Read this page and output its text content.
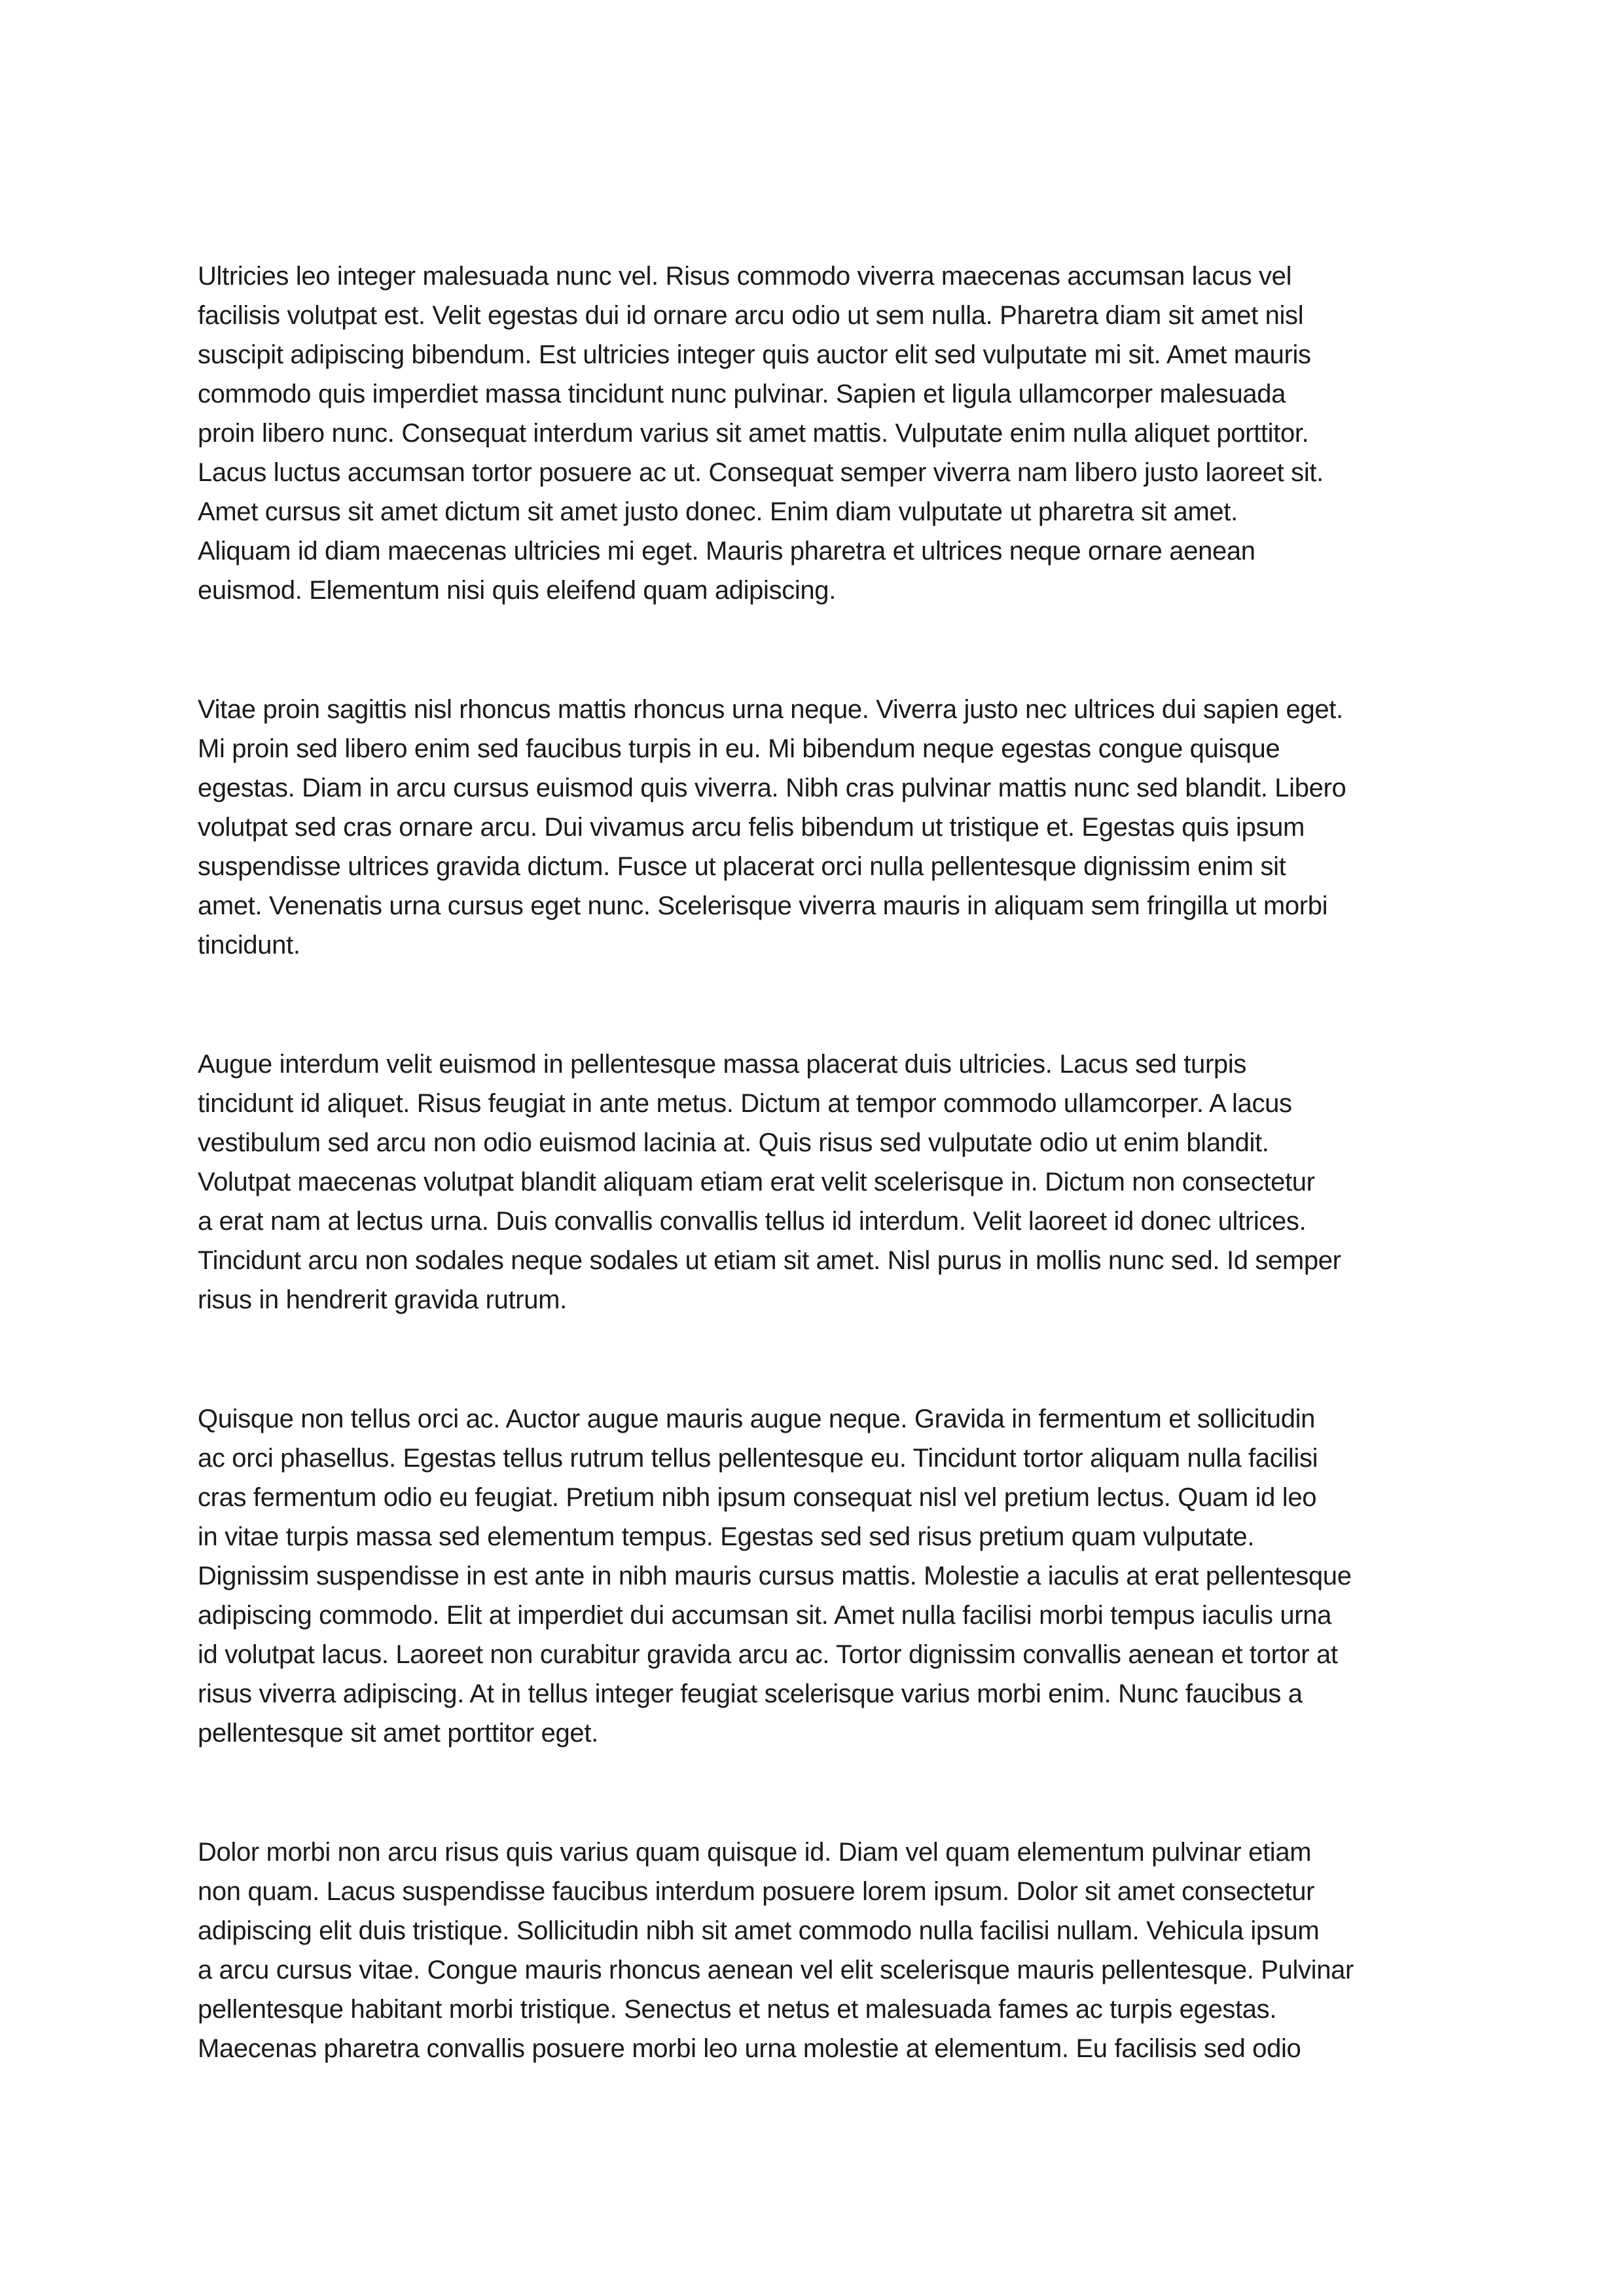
Ultricies leo integer malesuada nunc vel. Risus commodo viverra maecenas accumsan lacus vel
facilisis volutpat est. Velit egestas dui id ornare arcu odio ut sem nulla. Pharetra diam sit amet nisl
suscipit adipiscing bibendum. Est ultricies integer quis auctor elit sed vulputate mi sit. Amet mauris
commodo quis imperdiet massa tincidunt nunc pulvinar. Sapien et ligula ullamcorper malesuada
proin libero nunc. Consequat interdum varius sit amet mattis. Vulputate enim nulla aliquet porttitor.
Lacus luctus accumsan tortor posuere ac ut. Consequat semper viverra nam libero justo laoreet sit.
Amet cursus sit amet dictum sit amet justo donec. Enim diam vulputate ut pharetra sit amet.
Aliquam id diam maecenas ultricies mi eget. Mauris pharetra et ultrices neque ornare aenean
euismod. Elementum nisi quis eleifend quam adipiscing.

Vitae proin sagittis nisl rhoncus mattis rhoncus urna neque. Viverra justo nec ultrices dui sapien eget.
Mi proin sed libero enim sed faucibus turpis in eu. Mi bibendum neque egestas congue quisque
egestas. Diam in arcu cursus euismod quis viverra. Nibh cras pulvinar mattis nunc sed blandit. Libero
volutpat sed cras ornare arcu. Dui vivamus arcu felis bibendum ut tristique et. Egestas quis ipsum
suspendisse ultrices gravida dictum. Fusce ut placerat orci nulla pellentesque dignissim enim sit
amet. Venenatis urna cursus eget nunc. Scelerisque viverra mauris in aliquam sem fringilla ut morbi
tincidunt.

Augue interdum velit euismod in pellentesque massa placerat duis ultricies. Lacus sed turpis
tincidunt id aliquet. Risus feugiat in ante metus. Dictum at tempor commodo ullamcorper. A lacus
vestibulum sed arcu non odio euismod lacinia at. Quis risus sed vulputate odio ut enim blandit.
Volutpat maecenas volutpat blandit aliquam etiam erat velit scelerisque in. Dictum non consectetur
a erat nam at lectus urna. Duis convallis convallis tellus id interdum. Velit laoreet id donec ultrices.
Tincidunt arcu non sodales neque sodales ut etiam sit amet. Nisl purus in mollis nunc sed. Id semper
risus in hendrerit gravida rutrum.

Quisque non tellus orci ac. Auctor augue mauris augue neque. Gravida in fermentum et sollicitudin
ac orci phasellus. Egestas tellus rutrum tellus pellentesque eu. Tincidunt tortor aliquam nulla facilisi
cras fermentum odio eu feugiat. Pretium nibh ipsum consequat nisl vel pretium lectus. Quam id leo
in vitae turpis massa sed elementum tempus. Egestas sed sed risus pretium quam vulputate.
Dignissim suspendisse in est ante in nibh mauris cursus mattis. Molestie a iaculis at erat pellentesque
adipiscing commodo. Elit at imperdiet dui accumsan sit. Amet nulla facilisi morbi tempus iaculis urna
id volutpat lacus. Laoreet non curabitur gravida arcu ac. Tortor dignissim convallis aenean et tortor at
risus viverra adipiscing. At in tellus integer feugiat scelerisque varius morbi enim. Nunc faucibus a
pellentesque sit amet porttitor eget.

Dolor morbi non arcu risus quis varius quam quisque id. Diam vel quam elementum pulvinar etiam
non quam. Lacus suspendisse faucibus interdum posuere lorem ipsum. Dolor sit amet consectetur
adipiscing elit duis tristique. Sollicitudin nibh sit amet commodo nulla facilisi nullam. Vehicula ipsum
a arcu cursus vitae. Congue mauris rhoncus aenean vel elit scelerisque mauris pellentesque. Pulvinar
pellentesque habitant morbi tristique. Senectus et netus et malesuada fames ac turpis egestas.
Maecenas pharetra convallis posuere morbi leo urna molestie at elementum. Eu facilisis sed odio
